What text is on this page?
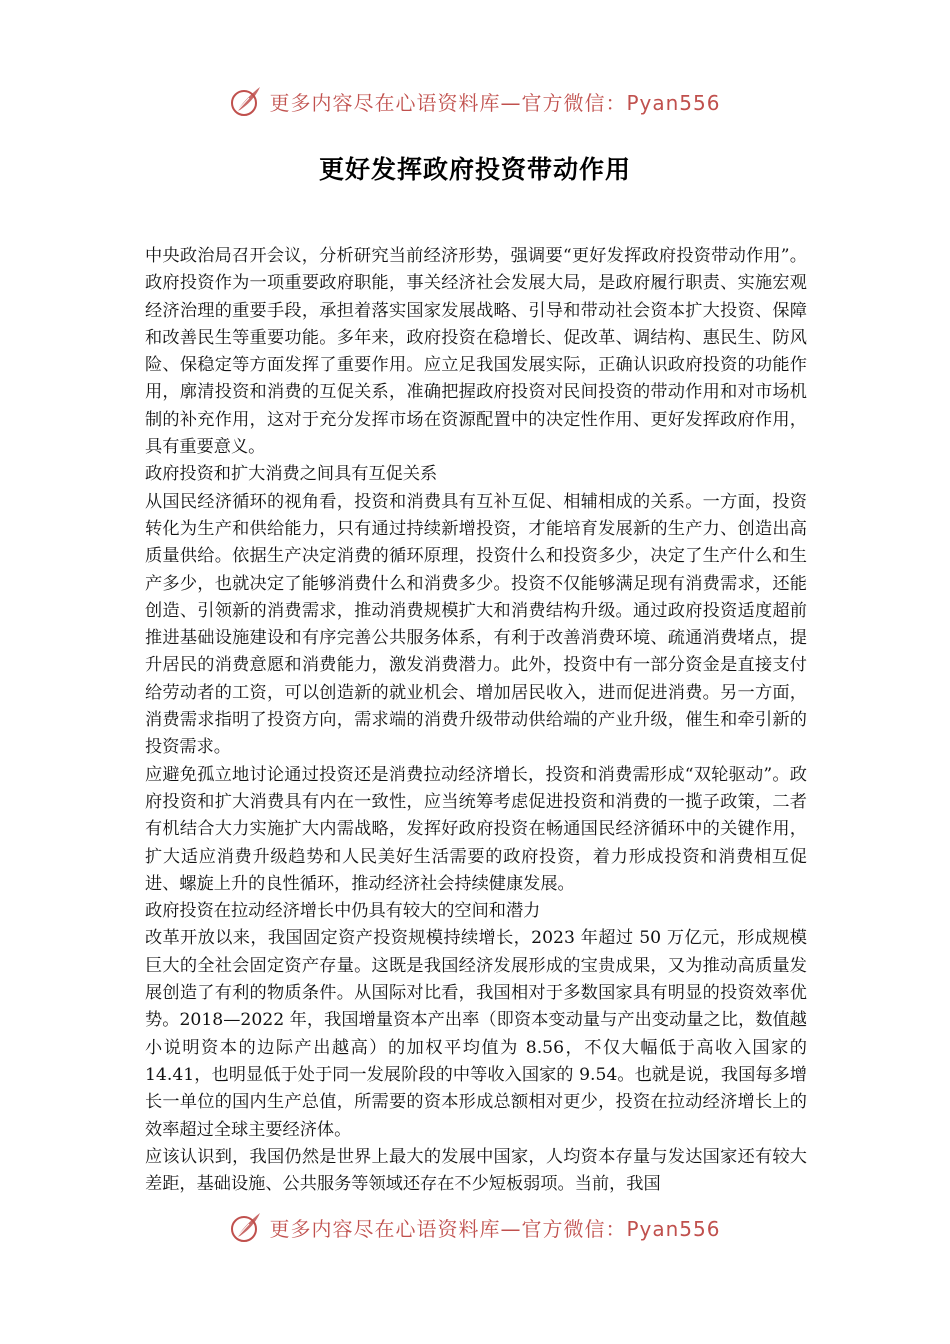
更多内容尽在心语资料库—官方微信：Pyan556
更好发挥政府投资带动作用

中央政治局召开会议，分析研究当前经济形势，强调要“更好发挥政府投资带动作用”。政府投资作为一项重要政府职能，事关经济社会发展大局，是政府履行职责、实施宏观经济治理的重要手段，承担着落实国家发展战略、引导和带动社会资本扩大投资、保障和改善民生等重要功能。多年来，政府投资在稳增长、促改革、调结构、惠民生、防风险、保稳定等方面发挥了重要作用。应立足我国发展实际，正确认识政府投资的功能作用，廓清投资和消费的互促关系，准确把握政府投资对民间投资的带动作用和对市场机制的补充作用，这对于充分发挥市场在资源配置中的决定性作用、更好发挥政府作用，具有重要意义。

政府投资和扩大消费之间具有互促关系

从国民经济循环的视角看，投资和消费具有互补互促、相辅相成的关系。一方面，投资转化为生产和供给能力，只有通过持续新增投资，才能培育发展新的生产力、创造出高质量供给。依据生产决定消费的循环原理，投资什么和投资多少，决定了生产什么和生产多少，也就决定了能够消费什么和消费多少。投资不仅能够满足现有消费需求，还能创造、引领新的消费需求，推动消费规模扩大和消费结构升级。通过政府投资适度超前推进基础设施建设和有序完善公共服务体系，有利于改善消费环境、疏通消费堵点，提升居民的消费意愿和消费能力，激发消费潜力。此外，投资中有一部分资金是直接支付给劳动者的工资，可以创造新的就业机会、增加居民收入，进而促进消费。另一方面，消费需求指明了投资方向，需求端的消费升级带动供给端的产业升级，催生和牵引新的投资需求。

应避免孤立地讨论通过投资还是消费拉动经济增长，投资和消费需形成“双轮驱动”。政府投资和扩大消费具有内在一致性，应当统筹考虑促进投资和消费的一揽子政策，二者有机结合大力实施扩大内需战略，发挥好政府投资在畅通国民经济循环中的关键作用，扩大适应消费升级趋势和人民美好生活需要的政府投资，着力形成投资和消费相互促进、螺旋上升的良性循环，推动经济社会持续健康发展。

政府投资在拉动经济增长中仍具有较大的空间和潜力

改革开放以来，我国固定资产投资规模持续增长，2023 年超过 50 万亿元，形成规模巨大的全社会固定资产存量。这既是我国经济发展形成的宝贵成果，又为推动高质量发展创造了有利的物质条件。从国际对比看，我国相对于多数国家具有明显的投资效率优势。2018—2022 年，我国增量资本产出率（即资本变动量与产出变动量之比，数值越小说明资本的边际产出越高）的加权平均值为 8.56，不仅大幅低于高收入国家的 14.41，也明显低于处于同一发展阶段的中等收入国家的 9.54。也就是说，我国每多增长一单位的国内生产总值，所需要的资本形成总额相对更少，投资在拉动经济增长上的效率超过全球主要经济体。

应该认识到，我国仍然是世界上最大的发展中国家，人均资本存量与发达国家还有较大差距，基础设施、公共服务等领域还存在不少短板弱项。当前，我国

更多内容尽在心语资料库—官方微信：Pyan556
